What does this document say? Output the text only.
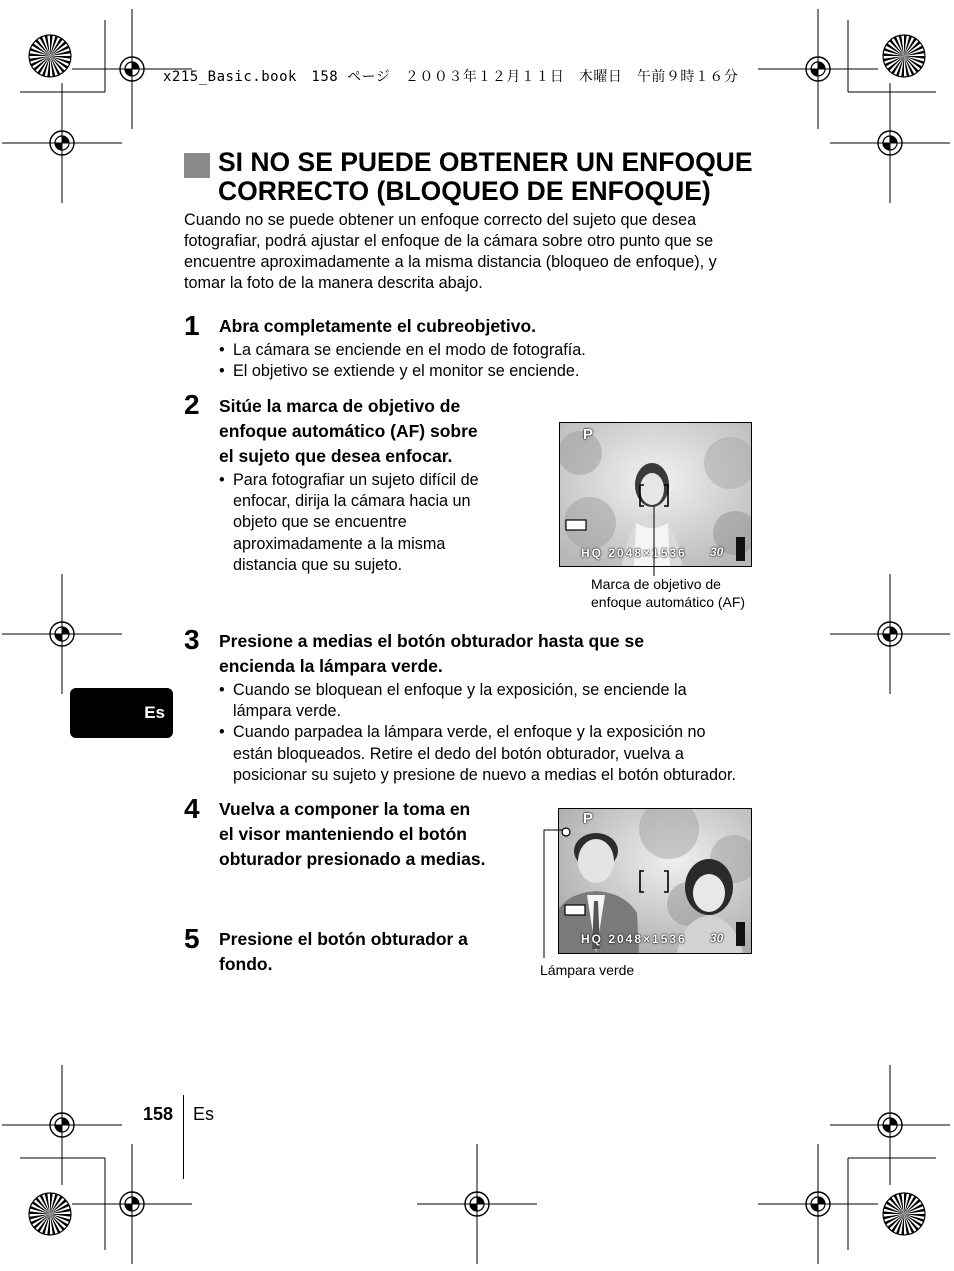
x215_Basic.book　158 ページ　２００３年１２月１１日　木曜日　午前９時１６分
SI NO SE PUEDE OBTENER UN ENFOQUE
CORRECTO (BLOQUEO DE ENFOQUE)
Cuando no se puede obtener un enfoque correcto del sujeto que desea
fotografiar, podrá ajustar el enfoque de la cámara sobre otro punto que se
encuentre aproximadamente a la misma distancia (bloqueo de enfoque), y
tomar la foto de la manera descrita abajo.
1 Abra completamente el cubreobjetivo.
• La cámara se enciende en el modo de fotografía.
• El objetivo se extiende y el monitor se enciende.
2 Sitúe la marca de objetivo de
enfoque automático (AF) sobre
el sujeto que desea enfocar.
• Para fotografiar un sujeto difícil de
enfocar, dirija la cámara hacia un
objeto que se encuentre
aproximadamente a la misma
distancia que su sujeto.
P
HQ 2048×1536 30
Marca de objetivo de
enfoque automático (AF)
3 Presione a medias el botón obturador hasta que se
encienda la lámpara verde.
• Cuando se bloquean el enfoque y la exposición, se enciende la
lámpara verde.
• Cuando parpadea la lámpara verde, el enfoque y la exposición no
están bloqueados. Retire el dedo del botón obturador, vuelva a
posicionar su sujeto y presione de nuevo a medias el botón obturador.
Es
4 Vuelva a componer la toma en
el visor manteniendo el botón
obturador presionado a medias.
P
HQ 2048×1536 30
Lámpara verde
5 Presione el botón obturador a
fondo.
158 Es
